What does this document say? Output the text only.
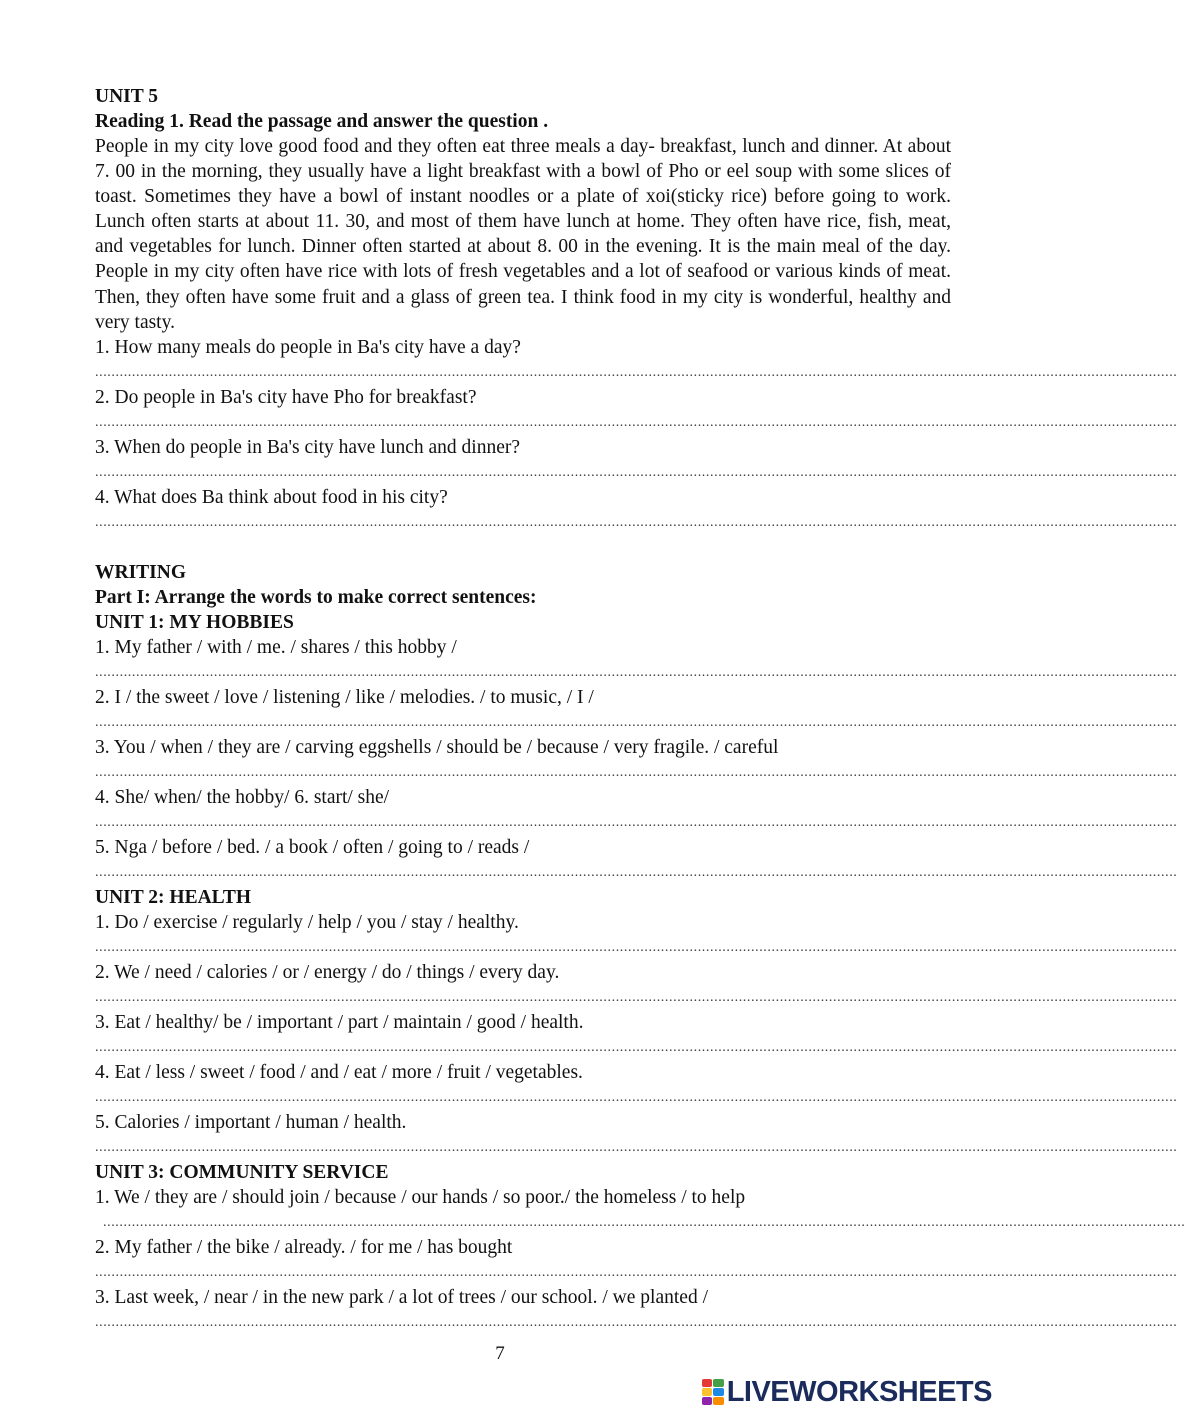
UNIT 5
Reading 1. Read the passage and answer the question .
People in my city love good food and they often eat three meals a day- breakfast, lunch and dinner. At about 7. 00 in the morning, they usually have a light breakfast with a bowl of Pho or eel soup with some slices of toast. Sometimes they have a bowl of instant noodles or a plate of xoi(sticky rice) before going to work. Lunch often starts at about 11. 30, and most of them have lunch at home. They often have rice, fish, meat, and vegetables for lunch. Dinner often started at about 8. 00 in the evening. It is the main meal of the day. People in my city often have rice with lots of fresh vegetables and a lot of seafood or various kinds of meat. Then, they often have some fruit and a glass of green tea. I think food in my city is wonderful, healthy and very tasty.
1. How many meals do people in Ba's city have a day?
........................................................................................................................................................................................................................................................................
2. Do people in Ba's city have Pho for breakfast?
........................................................................................................................................................................................................................................................................
3. When do people in Ba's city have lunch and dinner?
........................................................................................................................................................................................................................................................................
4. What does Ba think about food in his city?
........................................................................................................................................................................................................................................................................
WRITING
Part I: Arrange the words to make correct sentences:
UNIT 1: MY HOBBIES
1. My father / with / me. / shares / this hobby /
........................................................................................................................................................................................................................................................................
2. I / the sweet / love / listening / like / melodies. / to music, / I /
........................................................................................................................................................................................................................................................................
3. You / when / they are / carving eggshells / should be / because / very fragile. / careful
........................................................................................................................................................................................................................................................................
4. She/ when/ the hobby/ 6. start/ she/
........................................................................................................................................................................................................................................................................
5. Nga / before / bed. / a book / often / going to / reads /
........................................................................................................................................................................................................................................................................
UNIT 2: HEALTH
1. Do / exercise / regularly / help / you / stay / healthy.
........................................................................................................................................................................................................................................................................
2. We / need / calories / or / energy / do / things / every day.
........................................................................................................................................................................................................................................................................
3. Eat / healthy/ be / important / part / maintain / good / health.
........................................................................................................................................................................................................................................................................
4. Eat / less / sweet / food / and / eat / more / fruit / vegetables.
........................................................................................................................................................................................................................................................................
5. Calories / important / human / health.
........................................................................................................................................................................................................................................................................
UNIT 3: COMMUNITY SERVICE
1. We / they are / should join / because / our hands / so poor./ the homeless / to help
........................................................................................................................................................................................................................................................................
2. My father / the bike / already. / for me / has bought
........................................................................................................................................................................................................................................................................
3. Last week, / near / in the new park / a lot of trees / our school. / we planted /
........................................................................................................................................................................................................................................................................
7
LIVEWORKSHEETS
